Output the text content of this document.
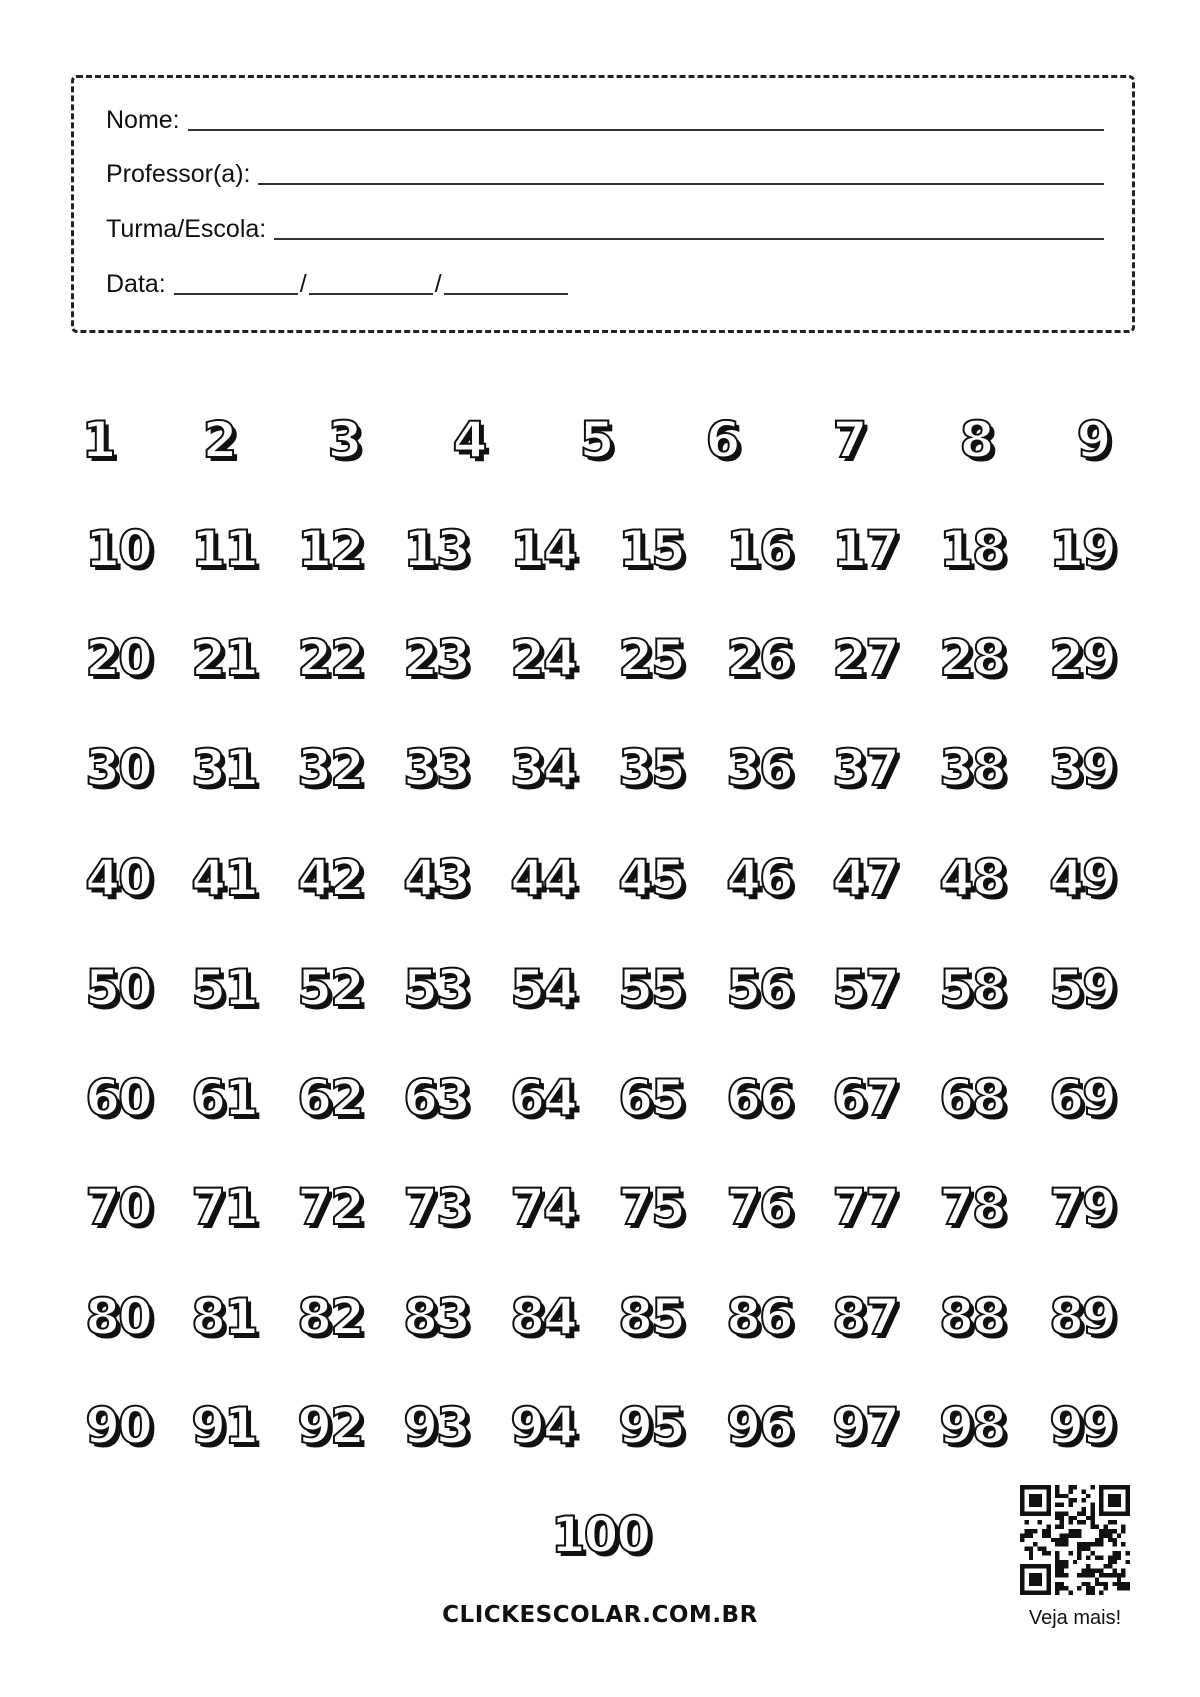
Nome:
Professor(a):
Turma/Escola:
Data:	/	/
1 2 3 4 5 6 7 8 9
10 11 12 13 14 15 16 17 18 19
20 21 22 23 24 25 26 27 28 29
30 31 32 33 34 35 36 37 38 39
40 41 42 43 44 45 46 47 48 49
50 51 52 53 54 55 56 57 58 59
60 61 62 63 64 65 66 67 68 69
70 71 72 73 74 75 76 77 78 79
80 81 82 83 84 85 86 87 88 89
90 91 92 93 94 95 96 97 98 99
100
CLICKESCOLAR.COM.BR	Veja mais!
